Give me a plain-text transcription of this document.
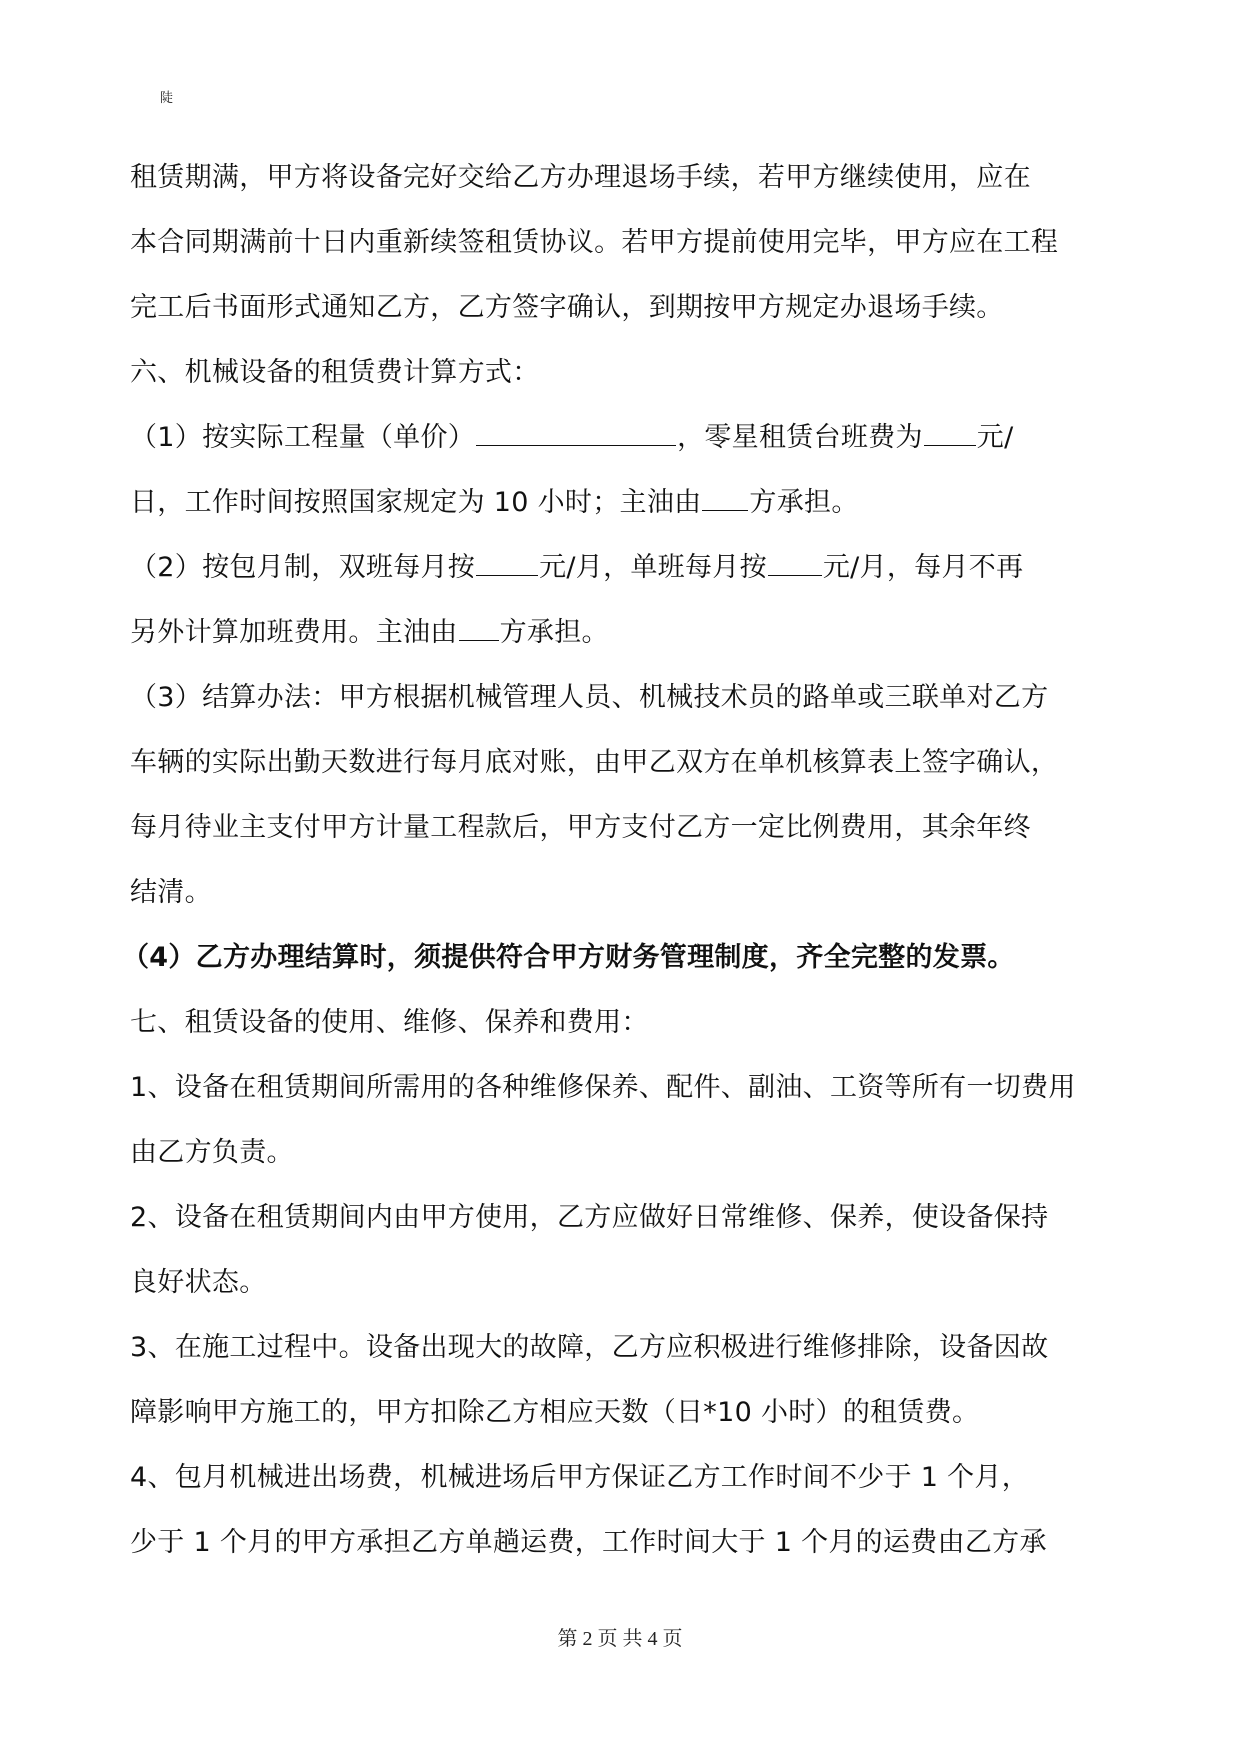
陡
租赁期满，甲方将设备完好交给乙方办理退场手续，若甲方继续使用，应在
本合同期满前十日内重新续签租赁协议。若甲方提前使用完毕，甲方应在工程
完工后书面形式通知乙方，乙方签字确认，到期按甲方规定办退场手续。
六、机械设备的租赁费计算方式：
（1）按实际工程量（单价）	，零星租赁台班费为 元/
日，工作时间按照国家规定为 10 小时；主油由 方承担。
（2）按包月制，双班每月按 元/月，单班每月按 元/月，每月不再
另外计算加班费用。主油由 方承担。
（3）结算办法：甲方根据机械管理人员、机械技术员的路单或三联单对乙方
车辆的实际出勤天数进行每月底对账，由甲乙双方在单机核算表上签字确认，
每月待业主支付甲方计量工程款后，甲方支付乙方一定比例费用，其余年终
结清。
（4）乙方办理结算时，须提供符合甲方财务管理制度，齐全完整的发票。
七、租赁设备的使用、维修、保养和费用：
1、设备在租赁期间所需用的各种维修保养、配件、副油、工资等所有一切费用
由乙方负责。
2、设备在租赁期间内由甲方使用，乙方应做好日常维修、保养，使设备保持
良好状态。
3、在施工过程中。设备出现大的故障，乙方应积极进行维修排除，设备因故
障影响甲方施工的，甲方扣除乙方相应天数（日*10 小时）的租赁费。
4、包月机械进出场费，机械进场后甲方保证乙方工作时间不少于 1 个月，
少于 1 个月的甲方承担乙方单趟运费，工作时间大于 1 个月的运费由乙方承
第 2 页 共 4 页
